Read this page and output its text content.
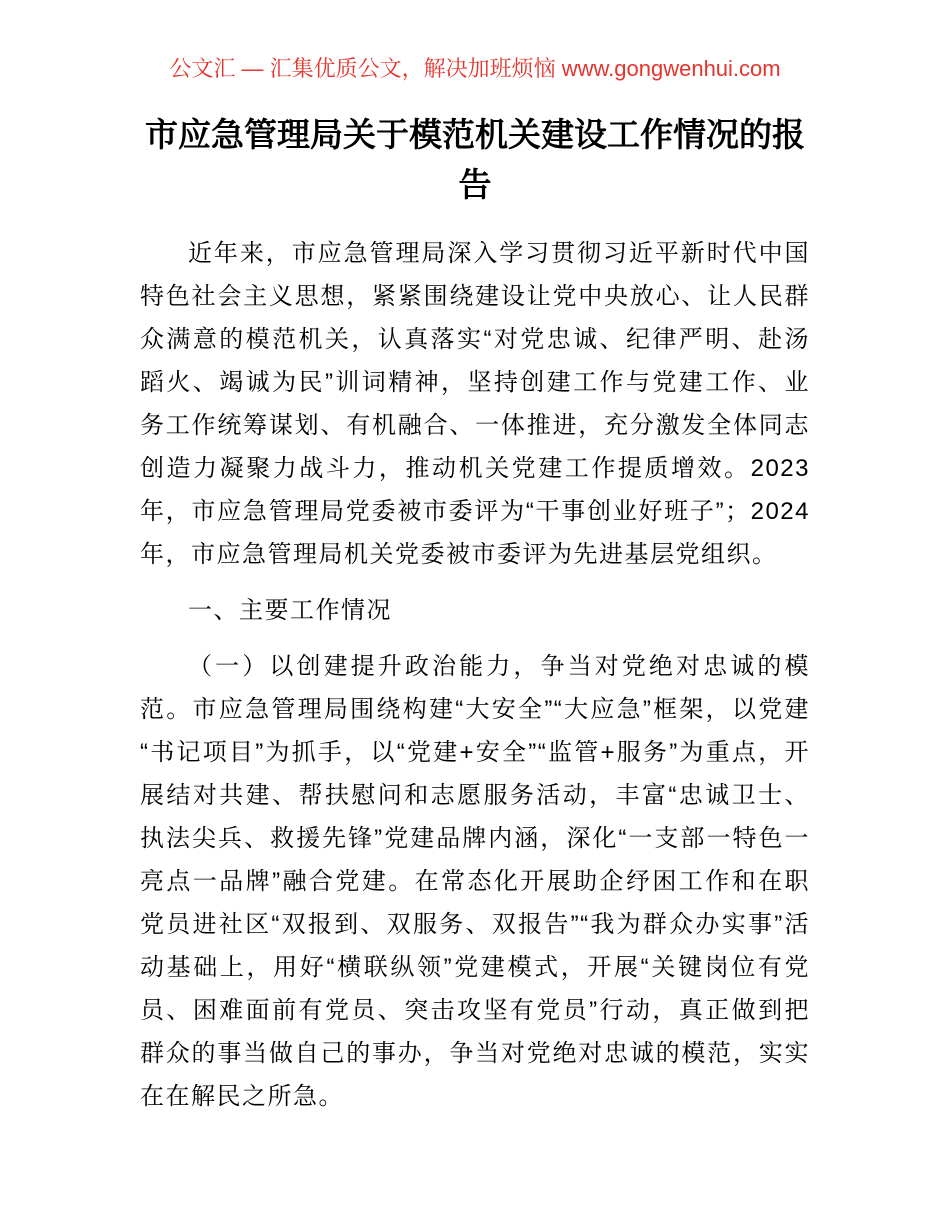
公文汇 — 汇集优质公文，解决加班烦恼 www.gongwenhui.com
市应急管理局关于模范机关建设工作情况的报告

近年来，市应急管理局深入学习贯彻习近平新时代中国特色社会主义思想，紧紧围绕建设让党中央放心、让人民群众满意的模范机关，认真落实“对党忠诚、纪律严明、赴汤蹈火、竭诚为民”训词精神，坚持创建工作与党建工作、业务工作统筹谋划、有机融合、一体推进，充分激发全体同志创造力凝聚力战斗力，推动机关党建工作提质增效。2023 年，市应急管理局党委被市委评为“干事创业好班子”；2024 年，市应急管理局机关党委被市委评为先进基层党组织。

一、主要工作情况

（一）以创建提升政治能力，争当对党绝对忠诚的模范。市应急管理局围绕构建“大安全”“大应急”框架，以党建“书记项目”为抓手，以“党建+安全”“监管+服务”为重点，开展结对共建、帮扶慰问和志愿服务活动，丰富“忠诚卫士、执法尖兵、救援先锋”党建品牌内涵，深化“一支部一特色一亮点一品牌”融合党建。在常态化开展助企纾困工作和在职党员进社区“双报到、双服务、双报告”“我为群众办实事”活动基础上，用好“横联纵领”党建模式，开展“关键岗位有党员、困难面前有党员、突击攻坚有党员”行动，真正做到把群众的事当做自己的事办，争当对党绝对忠诚的模范，实实在在解民之所急。
